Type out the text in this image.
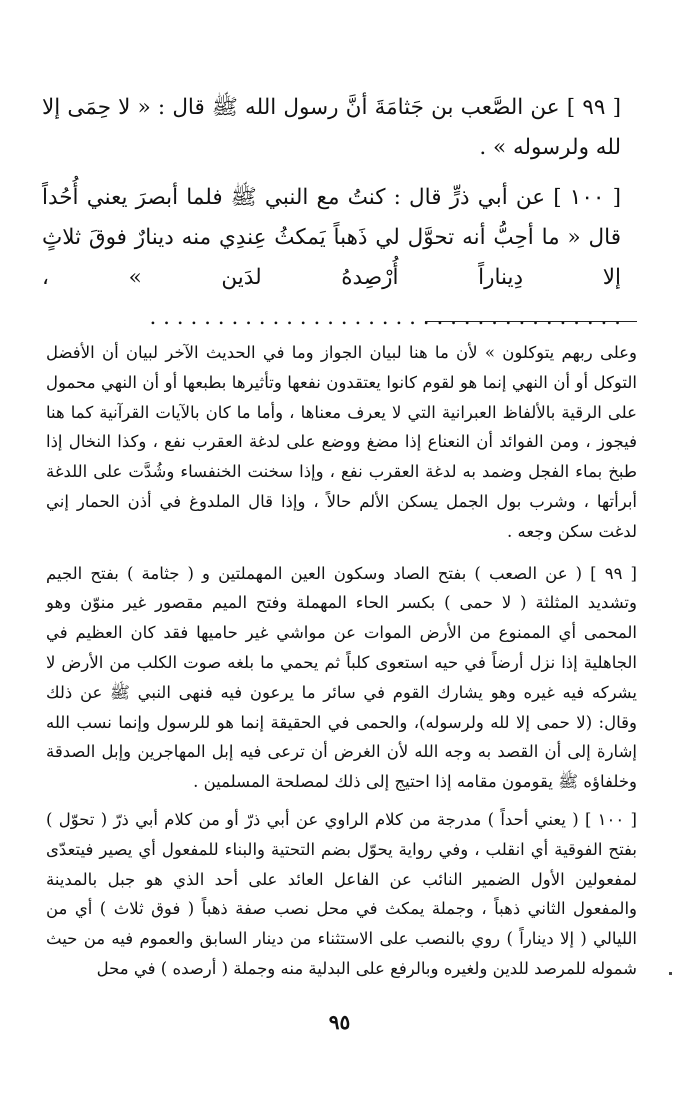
[ ٩٩ ] عن الصَّعب بن جَثامَةَ أنَّ رسول الله ﷺ قال : « لا حِمَى إلا لله ولرسوله » .

[ ١٠٠ ] عن أبي ذرٍّ قال : كنتُ مع النبي ﷺ فلما أبصرَ يعني أُحُداً قال « ما أحِبُّ أنه تحوَّل لي ذَهباً يَمكثُ عِندِي منه دينارٌ فوقَ ثلاثٍ إلا دِيناراً أُرْصِدهُ لدَين » ، . . . . . . . . . . . . . . . . . . . . . . . . . . . . . . . . . . .

وعلى ربهم يتوكلون » لأن ما هنا لبيان الجواز وما في الحديث الآخر لبيان أن الأفضل التوكل أو أن النهي إنما هو لقوم كانوا يعتقدون نفعها وتأثيرها بطبعها أو أن النهي محمول على الرقية بالألفاظ العبرانية التي لا يعرف معناها ، وأما ما كان بالآيات القرآنية كما هنا فيجوز ، ومن الفوائد أن النعناع إذا مضغ ووضع على لدغة العقرب نفع ، وكذا النخال إذا طبخ بماء الفجل وضمد به لدغة العقرب نفع ، وإذا سخنت الخنفساء وشُدَّت على اللدغة أبرأتها ، وشرب بول الجمل يسكن الألم حالاً ، وإذا قال الملدوغ في أذن الحمار إني لدغت سكن وجعه .

[ ٩٩ ] ( عن الصعب ) بفتح الصاد وسكون العين المهملتين و ( جثامة ) بفتح الجيم وتشديد المثلثة ( لا حمى ) بكسر الحاء المهملة وفتح الميم مقصور غير منوّن وهو المحمى أي الممنوع من الأرض الموات عن مواشي غير حاميها فقد كان العظيم في الجاهلية إذا نزل أرضاً في حيه استعوى كلباً ثم يحمي ما بلغه صوت الكلب من الأرض لا يشركه فيه غيره وهو يشارك القوم في سائر ما يرعون فيه فنهى النبي ﷺ عن ذلك وقال: (لا حمى إلا لله ولرسوله)، والحمى في الحقيقة إنما هو للرسول وإنما نسب الله إشارة إلى أن القصد به وجه الله لأن الغرض أن ترعى فيه إبل المهاجرين وإبل الصدقة وخلفاؤه ﷺ يقومون مقامه إذا احتيج إلى ذلك لمصلحة المسلمين .

[ ١٠٠ ] ( يعني أحداً ) مدرجة من كلام الراوي عن أبي ذرّ أو من كلام أبي ذرّ ( تحوّل ) بفتح الفوقية أي انقلب ، وفي رواية يحوّل بضم التحتية والبناء للمفعول أي يصير فيتعدّى لمفعولين الأول الضمير النائب عن الفاعل العائد على أحد الذي هو جبل بالمدينة والمفعول الثاني ذهباً ، وجملة يمكث في محل نصب صفة ذهباً ( فوق ثلاث ) أي من الليالي ( إلا ديناراً ) روي بالنصب على الاستثناء من دينار السابق والعموم فيه من حيث شموله للمرصد للدين ولغيره وبالرفع على البدلية منه وجملة ( أرصده ) في محل

٩٥
